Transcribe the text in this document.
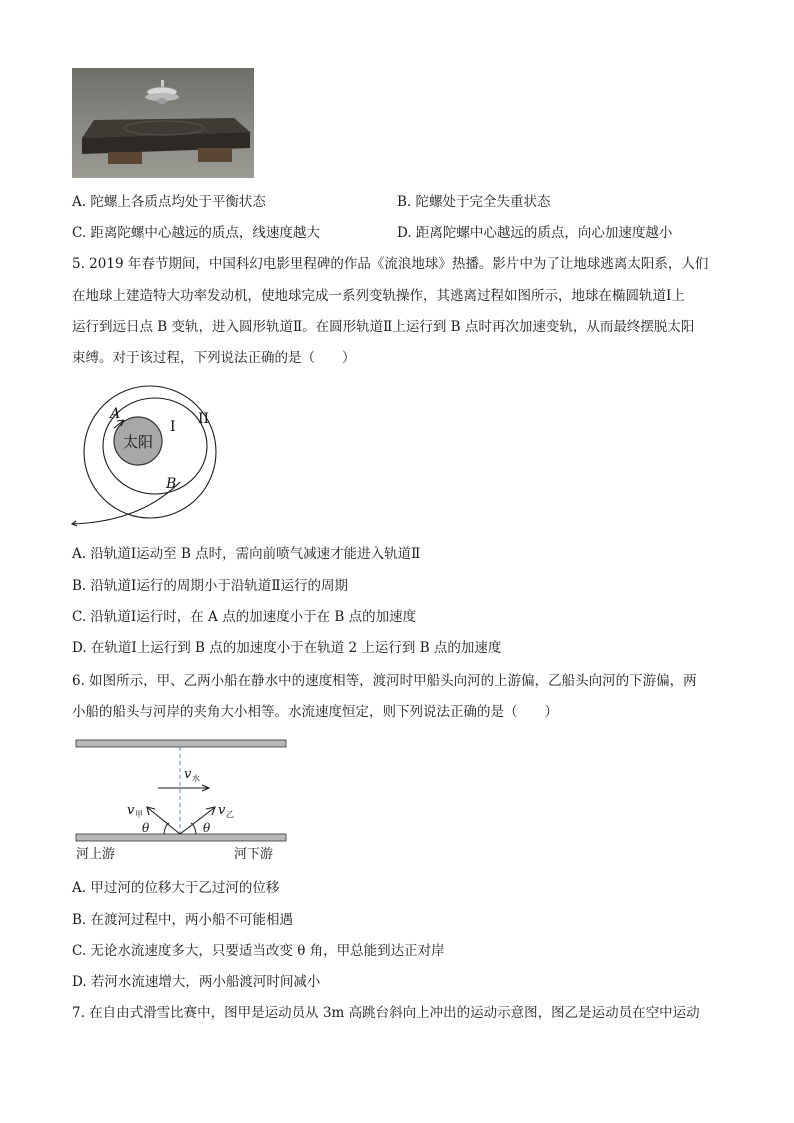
A. 陀螺上各质点均处于平衡状态	B. 陀螺处于完全失重状态
C. 距离陀螺中心越远的质点，线速度越大	D. 距离陀螺中心越远的质点，向心加速度越小
5. 2019 年春节期间，中国科幻电影里程碑的作品《流浪地球》热播。影片中为了让地球逃离太阳系，人们
在地球上建造特大功率发动机，使地球完成一系列变轨操作，其逃离过程如图所示，地球在椭圆轨道Ⅰ上
运行到远日点 B 变轨，进入圆形轨道Ⅱ。在圆形轨道Ⅱ上运行到 B 点时再次加速变轨，从而最终摆脱太阳
束缚。对于该过程，下列说法正确的是（　　）
太阳
A
B
I II
A. 沿轨道Ⅰ运动至 B 点时，需向前喷气减速才能进入轨道Ⅱ
B. 沿轨道Ⅰ运行的周期小于沿轨道Ⅱ运行的周期
C. 沿轨道Ⅰ运行时，在 A 点的加速度小于在 B 点的加速度
D. 在轨道Ⅰ上运行到 B 点的加速度小于在轨道 2 上运行到 B 点的加速度
6. 如图所示，甲、乙两小船在静水中的速度相等，渡河时甲船头向河的上游偏，乙船头向河的下游偏，两
小船的船头与河岸的夹角大小相等。水流速度恒定，则下列说法正确的是（　　）
v 水
v 甲	v 乙
θ	θ
河上游	河下游
A. 甲过河的位移大于乙过河的位移
B. 在渡河过程中，两小船不可能相遇
C. 无论水流速度多大，只要适当改变 θ 角，甲总能到达正对岸
D. 若河水流速增大，两小船渡河时间减小
7. 在自由式滑雪比赛中，图甲是运动员从 3m 高跳台斜向上冲出的运动示意图，图乙是运动员在空中运动
